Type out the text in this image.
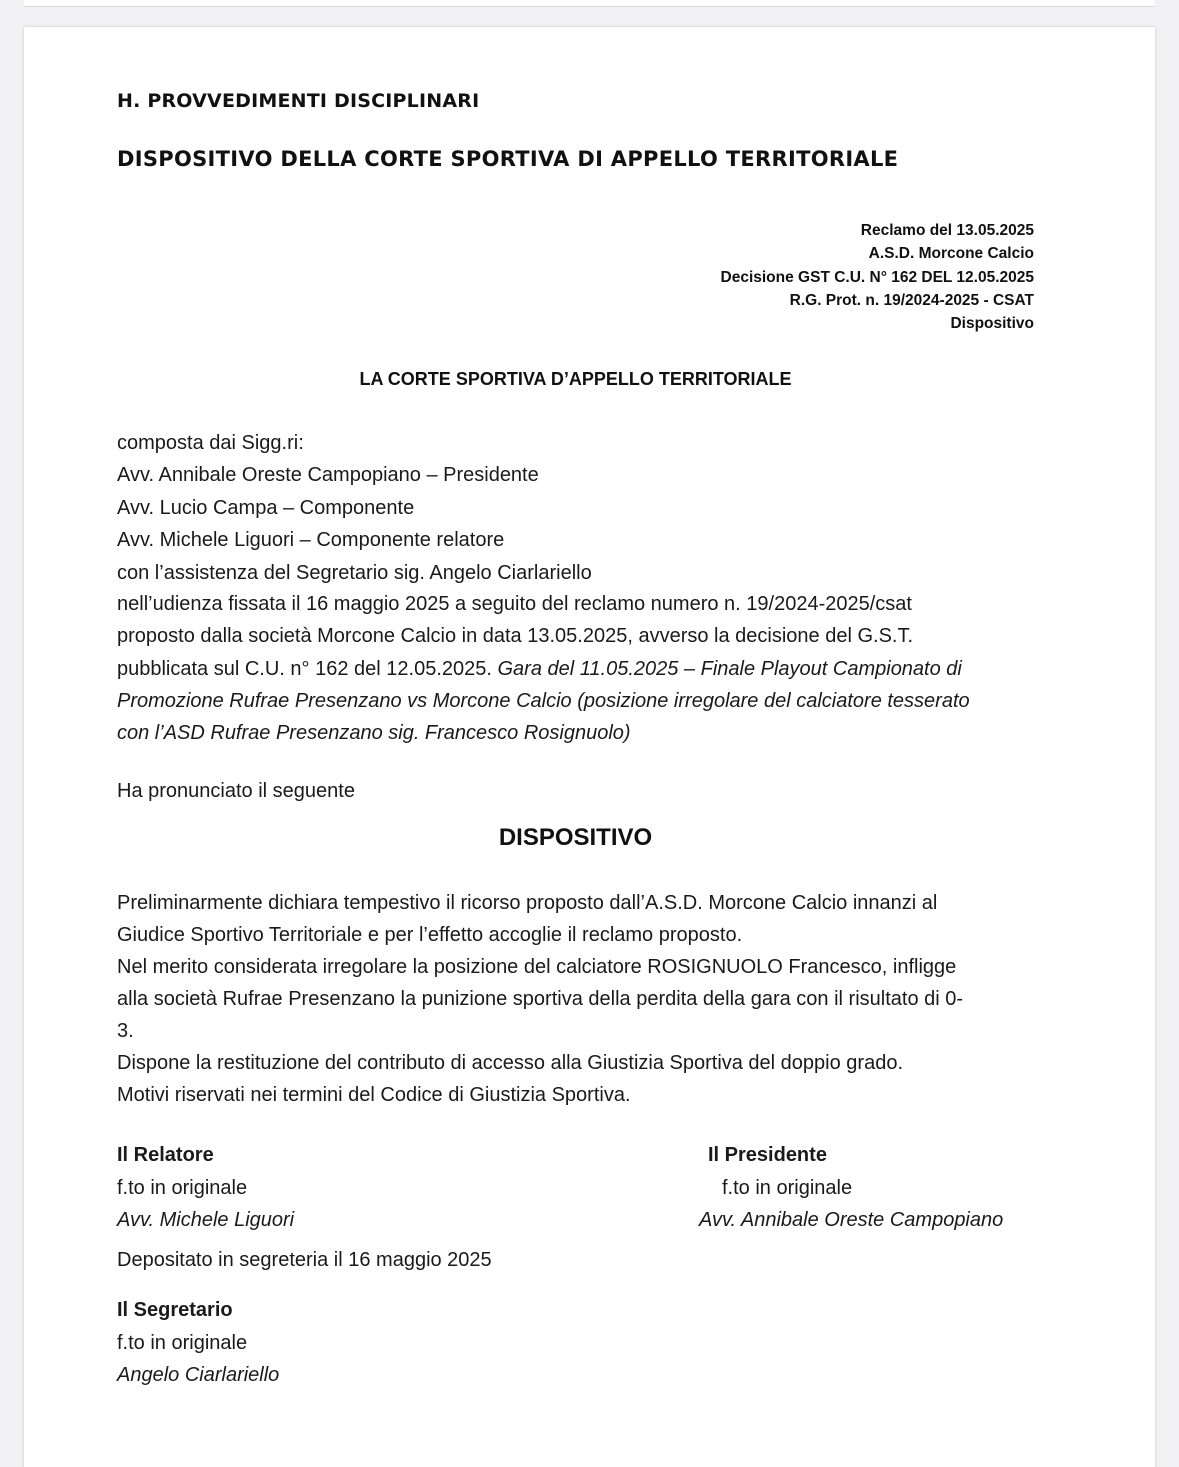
H. PROVVEDIMENTI DISCIPLINARI
DISPOSITIVO DELLA CORTE SPORTIVA DI APPELLO TERRITORIALE
Reclamo del 13.05.2025
A.S.D. Morcone Calcio
Decisione GST C.U. N° 162 DEL 12.05.2025
R.G. Prot. n. 19/2024-2025 - CSAT
Dispositivo
LA CORTE SPORTIVA D’APPELLO TERRITORIALE
composta dai Sigg.ri:
Avv. Annibale Oreste Campopiano – Presidente
Avv. Lucio Campa – Componente
Avv. Michele Liguori – Componente relatore
con l’assistenza del Segretario sig. Angelo Ciarlariello
nell’udienza fissata il 16 maggio 2025 a seguito del reclamo numero n. 19/2024-2025/csat
proposto dalla società Morcone Calcio in data 13.05.2025, avverso la decisione del G.S.T.
pubblicata sul C.U. n° 162 del 12.05.2025. Gara del 11.05.2025 – Finale Playout Campionato di
Promozione Rufrae Presenzano vs Morcone Calcio (posizione irregolare del calciatore tesserato
con l’ASD Rufrae Presenzano sig. Francesco Rosignuolo)
Ha pronunciato il seguente
DISPOSITIVO
Preliminarmente dichiara tempestivo il ricorso proposto dall’A.S.D. Morcone Calcio innanzi al
Giudice Sportivo Territoriale e per l’effetto accoglie il reclamo proposto.
Nel merito considerata irregolare la posizione del calciatore ROSIGNUOLO Francesco, infligge
alla società Rufrae Presenzano la punizione sportiva della perdita della gara con il risultato di 0-
3.
Dispone la restituzione del contributo di accesso alla Giustizia Sportiva del doppio grado.
Motivi riservati nei termini del Codice di Giustizia Sportiva.
Il Relatore
f.to in originale
Avv. Michele Liguori
Il Presidente
f.to in originale
Avv. Annibale Oreste Campopiano
Depositato in segreteria il 16 maggio 2025
Il Segretario
f.to in originale
Angelo Ciarlariello
